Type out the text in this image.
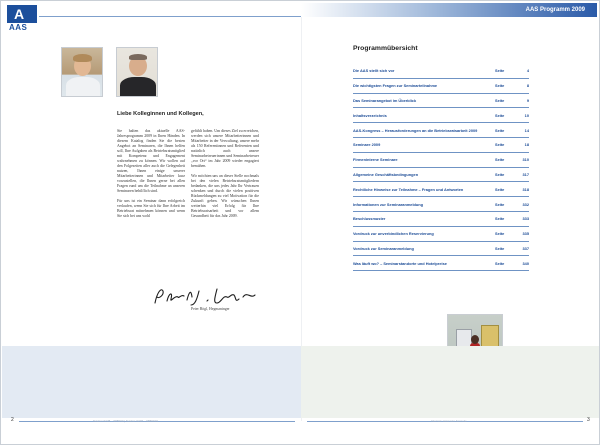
A
AAS
AAS Programm 2009
Liebe Kolleginnen und Kollegen,

Sie halten das aktuelle AAS-Jahresprogramm 2009 in Ihren Händen. In diesem Katalog finden Sie die besten Angebot an Seminaren, die Ihnen helfen soll, Ihre Aufgaben als Betriebsratsmitglied mit Kompetenz und Engagement wahrnehmen zu können. Wir wollen auf den Folgeseiten aller auch die Gelegenheit nutzen, Ihnen einige unserer Mitarbeiterinnen und Mitarbeiter kurz vorzustellen, die Ihnen gerne bei allen Fragen rund um die Teilnahme an unseren Seminaren behilflich sind.

Für uns ist ein Seminar dann erfolgreich verlaufen, wenn Sie sich für Ihre Arbeit im Betriebsrat mitnehmen können und wenn Sie sich bei uns wohl

gefühlt haben. Um dieses Ziel zu erreichen, werden sich unsere Mitarbeiterinnen und Mitarbeiter in der Verwaltung, unsere mehr als 150 Referentinnen und Referenten und natürlich auch unsere Seminarbetreuerinnen und Seminarbetreuer „vor Ort“ im Jahr 2009 wieder engagiert bemühen.

Wir möchten uns an dieser Stelle nochmals bei den vielen Betriebsratsmitgliedern bedanken, die uns jedes Jahr Ihr Vertrauen schenken und durch die vielen positiven Rückmeldungen zu viel Motivation für die Zukunft geben. Wir wünschen Ihnen weiterhin viel Erfolg für Ihre Betriebsratsarbeit und vor allem Gesundheit für das Jahr 2009.

Peter Bögl, Hegmaninger
Programmübersicht
Die AAS stellt sich vor	Seite	4
Die wichtigsten Fragen zur Seminarteilnahme	Seite	8
Das Seminarangebot im Überblick	Seite	9
Inhaltsverzeichnis	Seite	10
AAS-Kongress – Herausforderungen an die Betriebsratsarbeit 2009	Seite	14
Seminare 2009	Seite	18
Firmeninterne Seminare	Seite	310
Allgemeine Geschäftsbedingungen	Seite	317
Rechtliche Hinweise zur Teilnahme – Fragen und Antworten	Seite	318
Informationen zur Seminaranmeldung	Seite	332
Beschlussmuster	Seite	333
Vordruck zur unverbindlichen Reservierung	Seite	335
Vordruck zur Seminaranmeldung	Seite	337
Was läuft wo? – Seminarstandorte und Hotelpreise	Seite	340
2	3
Telefon 0228 – 985990 | Telefax 0228 – 9859919	Internet: www.aas-bonn.de
